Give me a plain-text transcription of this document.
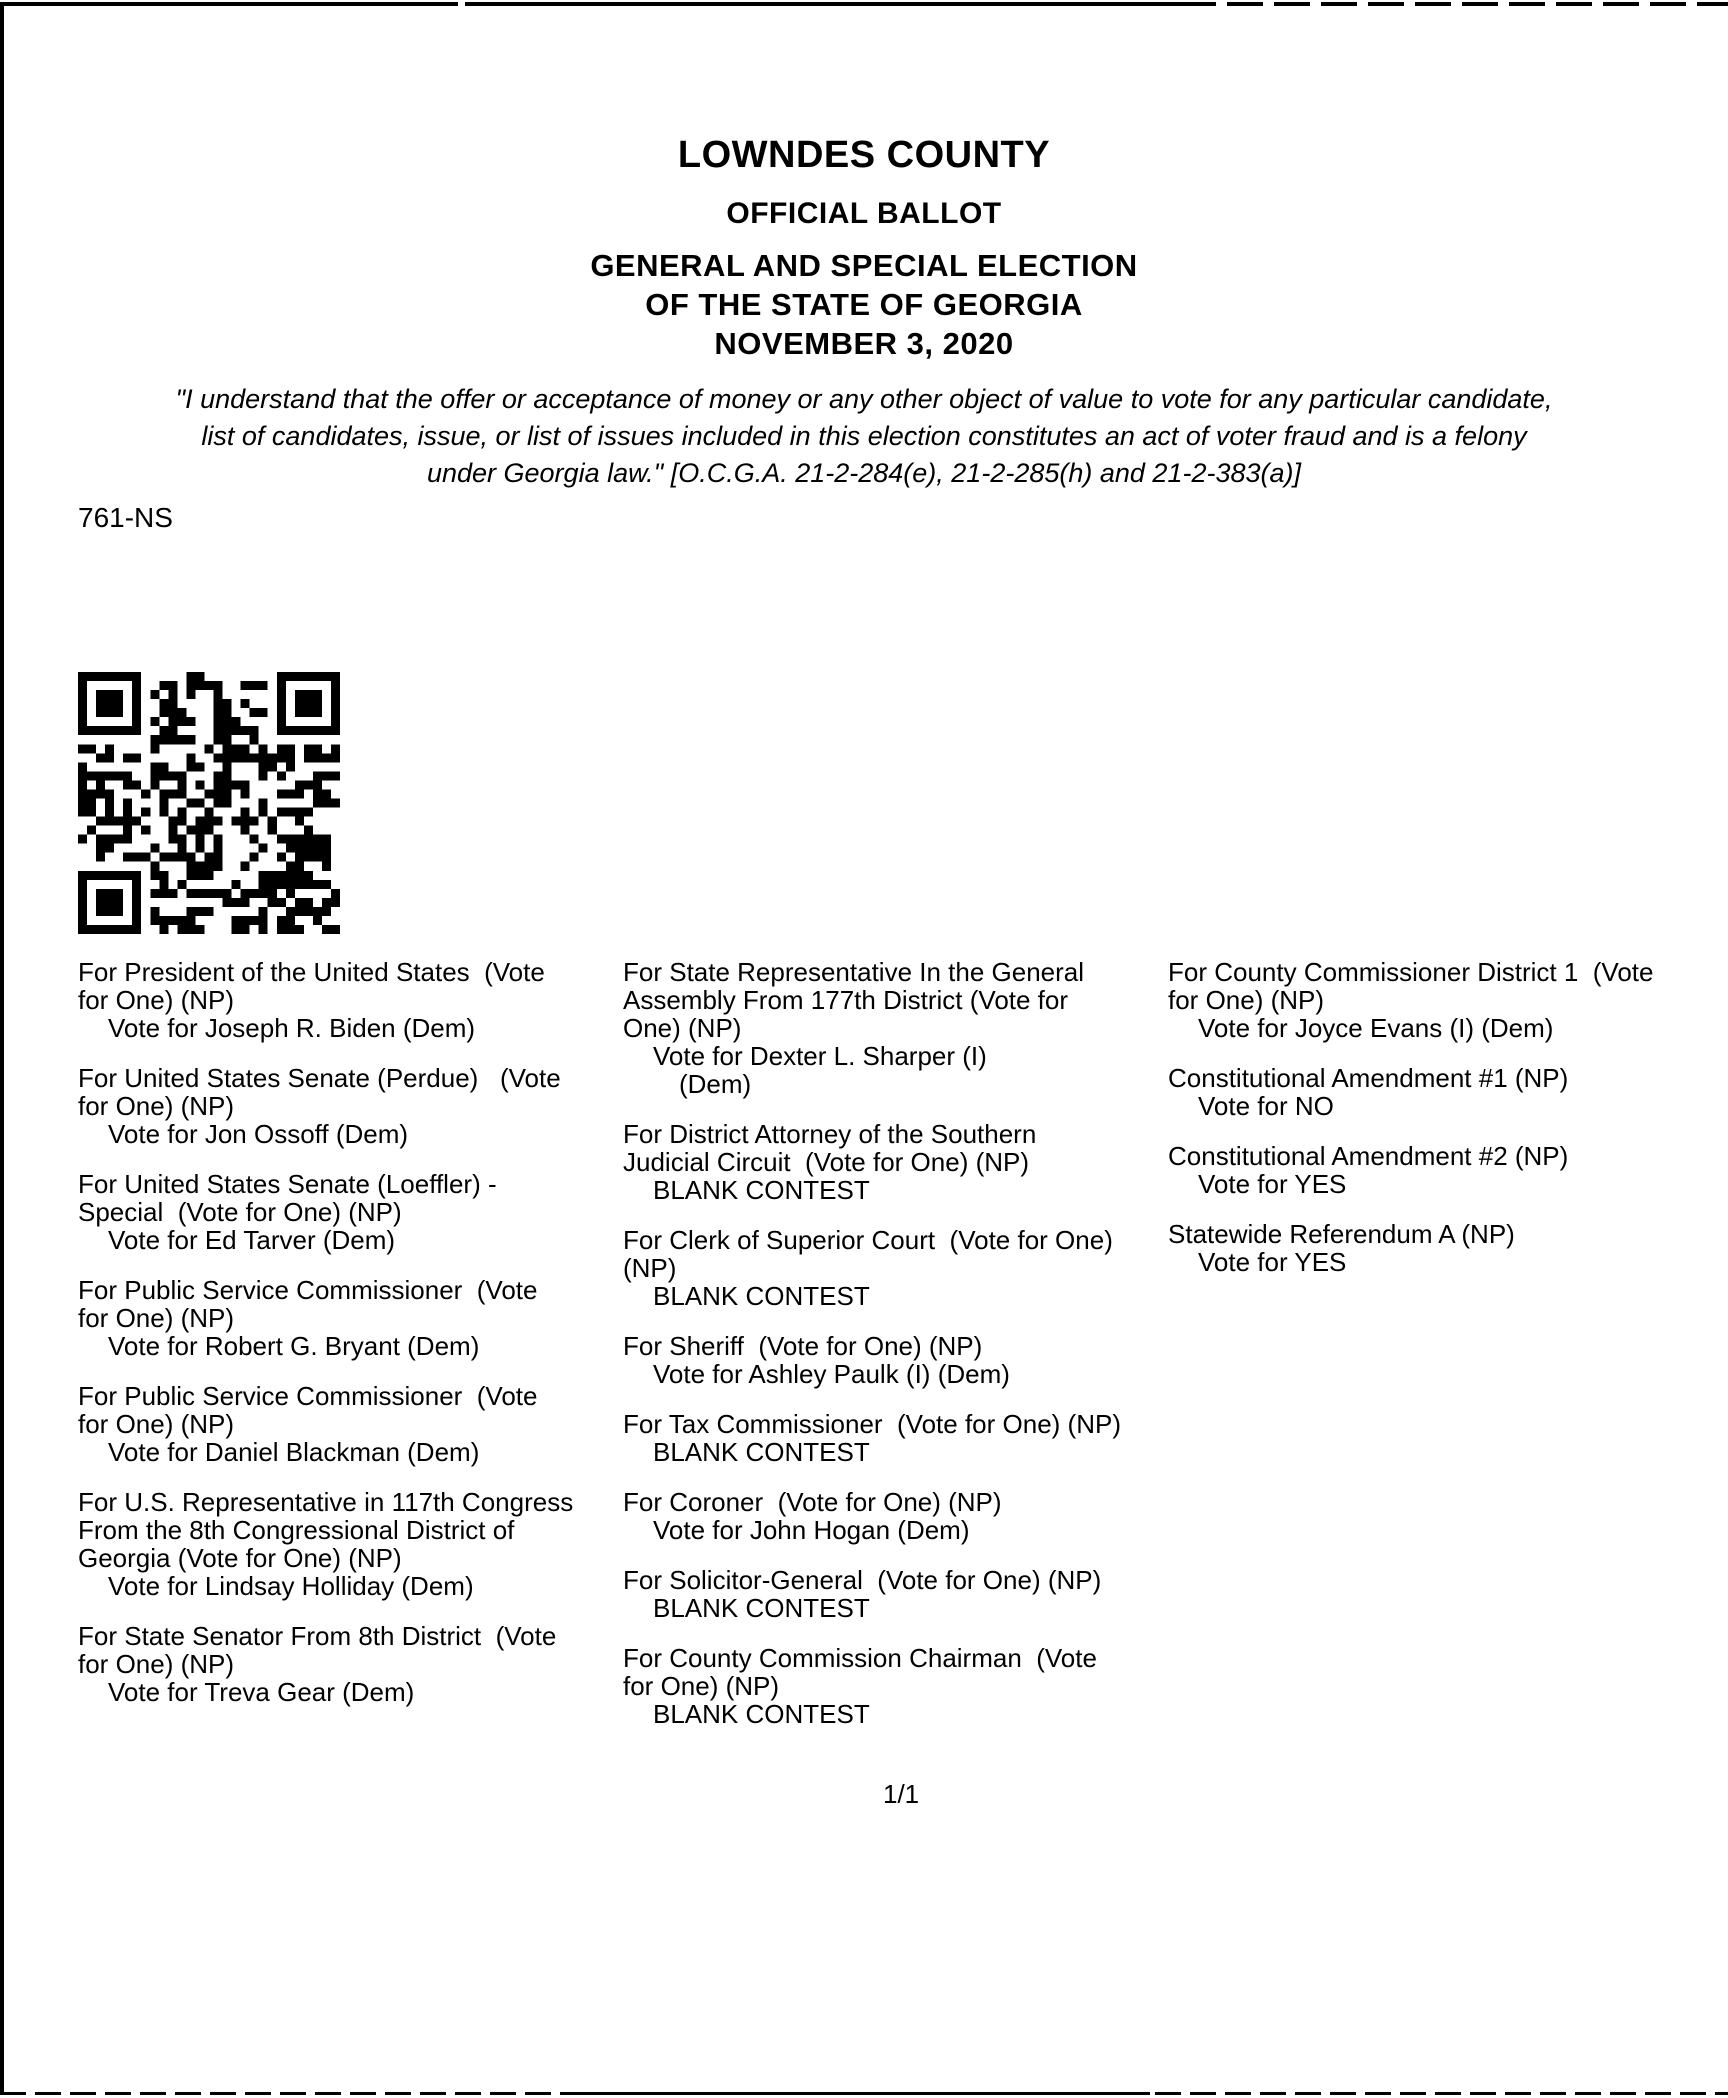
LOWNDES COUNTY
OFFICIAL BALLOT
GENERAL AND SPECIAL ELECTION
OF THE STATE OF GEORGIA
NOVEMBER 3, 2020
"I understand that the offer or acceptance of money or any other object of value to vote for any particular candidate,
list of candidates, issue, or list of issues included in this election constitutes an act of voter fraud and is a felony
under Georgia law." [O.C.G.A. 21-2-284(e), 21-2-285(h) and 21-2-383(a)]
761-NS
For President of the United States  (Vote
for One) (NP)
Vote for Joseph R. Biden (Dem)
For United States Senate (Perdue)   (Vote
for One) (NP)
Vote for Jon Ossoff (Dem)
For United States Senate (Loeffler) -
Special  (Vote for One) (NP)
Vote for Ed Tarver (Dem)
For Public Service Commissioner  (Vote
for One) (NP)
Vote for Robert G. Bryant (Dem)
For Public Service Commissioner  (Vote
for One) (NP)
Vote for Daniel Blackman (Dem)
For U.S. Representative in 117th Congress
From the 8th Congressional District of
Georgia (Vote for One) (NP)
Vote for Lindsay Holliday (Dem)
For State Senator From 8th District  (Vote
for One) (NP)
Vote for Treva Gear (Dem)
For State Representative In the General
Assembly From 177th District (Vote for
One) (NP)
Vote for Dexter L. Sharper (I)
(Dem)
For District Attorney of the Southern
Judicial Circuit  (Vote for One) (NP)
BLANK CONTEST
For Clerk of Superior Court  (Vote for One)
(NP)
BLANK CONTEST
For Sheriff  (Vote for One) (NP)
Vote for Ashley Paulk (I) (Dem)
For Tax Commissioner  (Vote for One) (NP)
BLANK CONTEST
For Coroner  (Vote for One) (NP)
Vote for John Hogan (Dem)
For Solicitor-General  (Vote for One) (NP)
BLANK CONTEST
For County Commission Chairman  (Vote
for One) (NP)
BLANK CONTEST
For County Commissioner District 1  (Vote
for One) (NP)
Vote for Joyce Evans (I) (Dem)
Constitutional Amendment #1 (NP)
Vote for NO
Constitutional Amendment #2 (NP)
Vote for YES
Statewide Referendum A (NP)
Vote for YES
1/1
